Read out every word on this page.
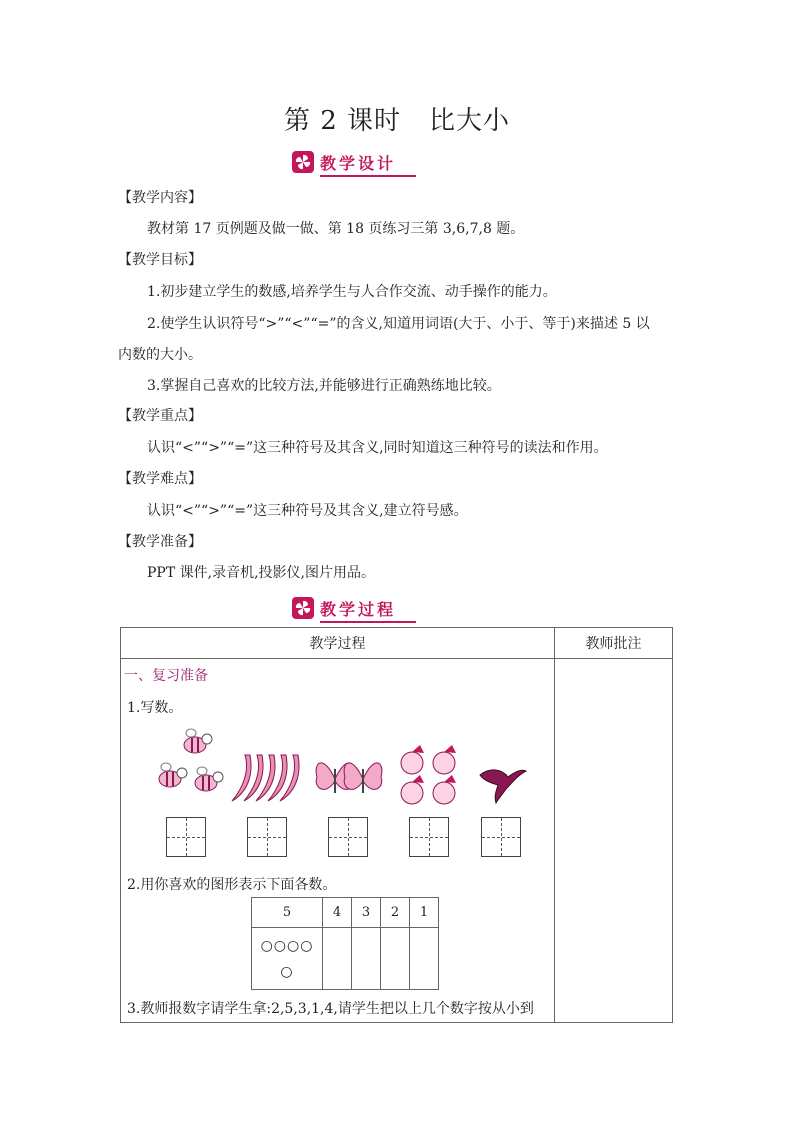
第 2 课时 比大小
教学设计
【教学内容】
教材第 17 页例题及做一做、第 18 页练习三第 3,6,7,8 题。
【教学目标】
1.初步建立学生的数感,培养学生与人合作交流、动手操作的能力。
2.使学生认识符号“>”“<”“=”的含义,知道用词语(大于、小于、等于)来描述 5 以
内数的大小。
3.掌握自己喜欢的比较方法,并能够进行正确熟练地比较。
【教学重点】
认识“<”“>”“=”这三种符号及其含义,同时知道这三种符号的读法和作用。
【教学难点】
认识“<”“>”“=”这三种符号及其含义,建立符号感。
【教学准备】
PPT 课件,录音机,投影仪,图片用品。
教学过程
教学过程	教师批注

一、复习准备
1.写数。
2.用你喜欢的图形表示下面各数。
5	4	3	2	1

○○○○
○				

3.教师报数字请学生拿:2,5,3,1,4,请学生把以上几个数字按从小到
